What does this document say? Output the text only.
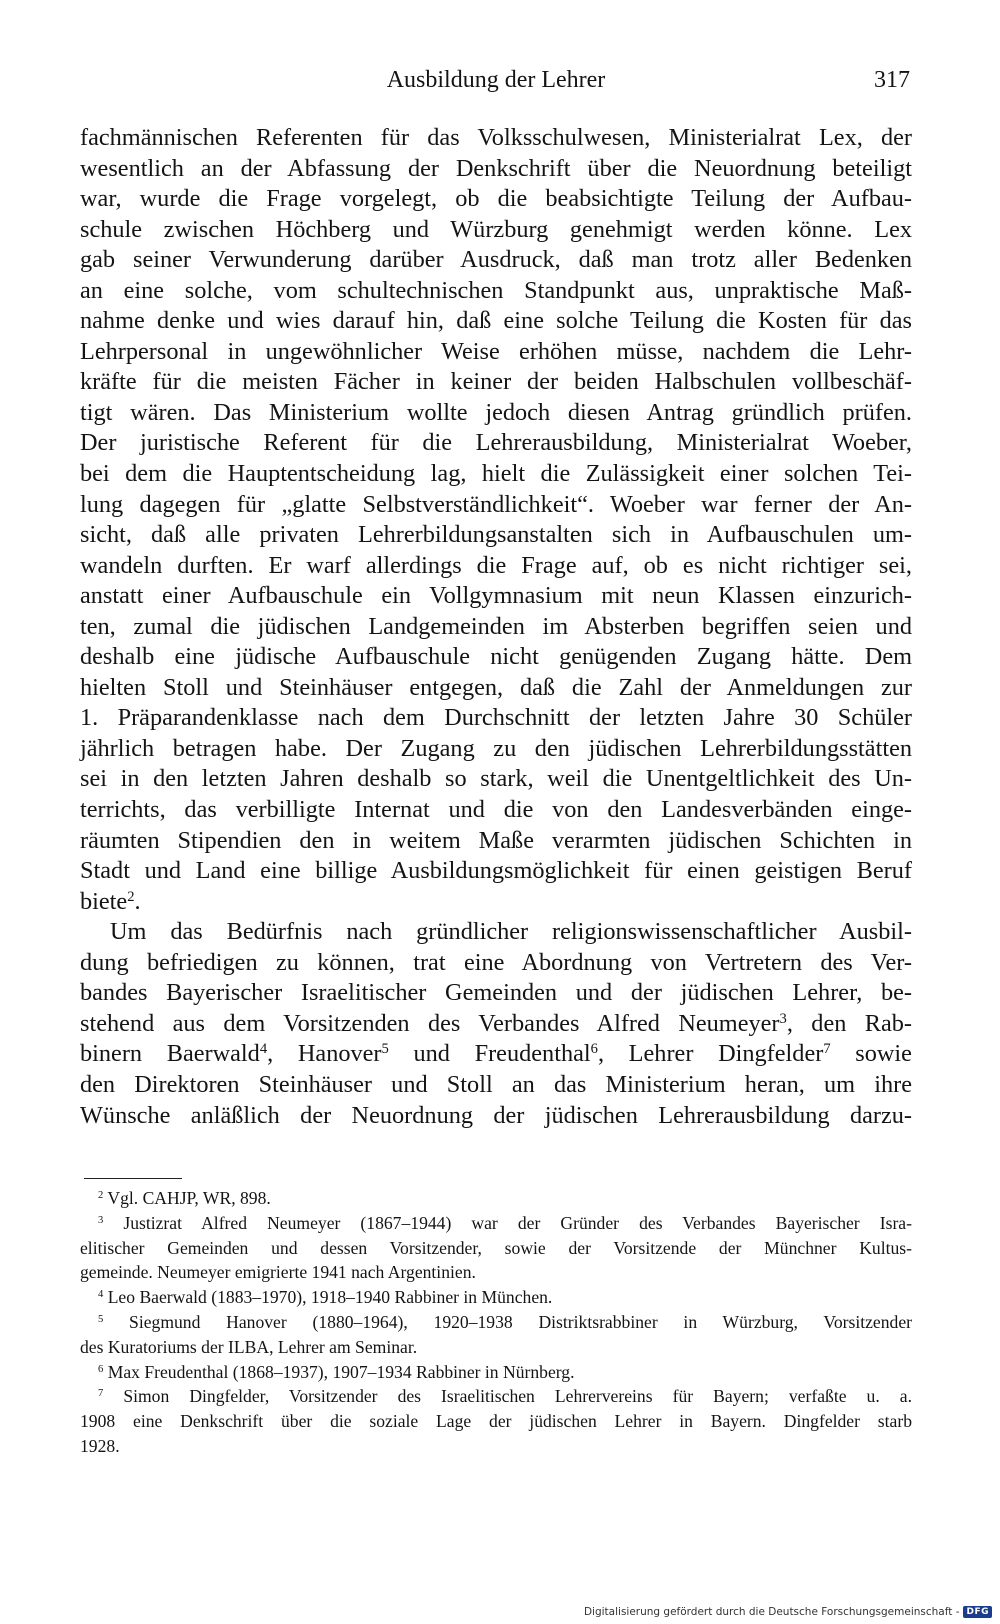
Ausbildung der Lehrer	317
fachmännischen Referenten für das Volksschulwesen, Ministerialrat Lex, der
wesentlich an der Abfassung der Denkschrift über die Neuordnung beteiligt
war, wurde die Frage vorgelegt, ob die beabsichtigte Teilung der Aufbau-
schule zwischen Höchberg und Würzburg genehmigt werden könne. Lex
gab seiner Verwunderung darüber Ausdruck, daß man trotz aller Bedenken
an eine solche, vom schultechnischen Standpunkt aus, unpraktische Maß-
nahme denke und wies darauf hin, daß eine solche Teilung die Kosten für das
Lehrpersonal in ungewöhnlicher Weise erhöhen müsse, nachdem die Lehr-
kräfte für die meisten Fächer in keiner der beiden Halbschulen vollbeschäf-
tigt wären. Das Ministerium wollte jedoch diesen Antrag gründlich prüfen.
Der juristische Referent für die Lehrerausbildung, Ministerialrat Woeber,
bei dem die Hauptentscheidung lag, hielt die Zulässigkeit einer solchen Tei-
lung dagegen für „glatte Selbstverständlichkeit“. Woeber war ferner der An-
sicht, daß alle privaten Lehrerbildungsanstalten sich in Aufbauschulen um-
wandeln durften. Er warf allerdings die Frage auf, ob es nicht richtiger sei,
anstatt einer Aufbauschule ein Vollgymnasium mit neun Klassen einzurich-
ten, zumal die jüdischen Landgemeinden im Absterben begriffen seien und
deshalb eine jüdische Aufbauschule nicht genügenden Zugang hätte. Dem
hielten Stoll und Steinhäuser entgegen, daß die Zahl der Anmeldungen zur
1. Präparandenklasse nach dem Durchschnitt der letzten Jahre 30 Schüler
jährlich betragen habe. Der Zugang zu den jüdischen Lehrerbildungsstätten
sei in den letzten Jahren deshalb so stark, weil die Unentgeltlichkeit des Un-
terrichts, das verbilligte Internat und die von den Landesverbänden einge-
räumten Stipendien den in weitem Maße verarmten jüdischen Schichten in
Stadt und Land eine billige Ausbildungsmöglichkeit für einen geistigen Beruf
biete$^2$.
Um das Bedürfnis nach gründlicher religionswissenschaftlicher Ausbil-
dung befriedigen zu können, trat eine Abordnung von Vertretern des Ver-
bandes Bayerischer Israelitischer Gemeinden und der jüdischen Lehrer, be-
stehend aus dem Vorsitzenden des Verbandes Alfred Neumeyer$^3$, den Rab-
binern Baerwald$^4$, Hanover$^5$ und Freudenthal$^6$, Lehrer Dingfelder$^7$ sowie
den Direktoren Steinhäuser und Stoll an das Ministerium heran, um ihre
Wünsche anläßlich der Neuordnung der jüdischen Lehrerausbildung darzu-
$^2$ Vgl. CAHJP, WR, 898.
$^3$ Justizrat Alfred Neumeyer (1867–1944) war der Gründer des Verbandes Bayerischer Isra-
elitischer Gemeinden und dessen Vorsitzender, sowie der Vorsitzende der Münchner Kultus-
gemeinde. Neumeyer emigrierte 1941 nach Argentinien.
$^4$ Leo Baerwald (1883–1970), 1918–1940 Rabbiner in München.
$^5$ Siegmund Hanover (1880–1964), 1920–1938 Distriktsrabbiner in Würzburg, Vorsitzender
des Kuratoriums der ILBA, Lehrer am Seminar.
$^6$ Max Freudenthal (1868–1937), 1907–1934 Rabbiner in Nürnberg.
$^7$ Simon Dingfelder, Vorsitzender des Israelitischen Lehrervereins für Bayern; verfaßte u. a.
1908 eine Denkschrift über die soziale Lage der jüdischen Lehrer in Bayern. Dingfelder starb
1928.
Digitalisierung gefördert durch die Deutsche Forschungsgemeinschaft - DFG
